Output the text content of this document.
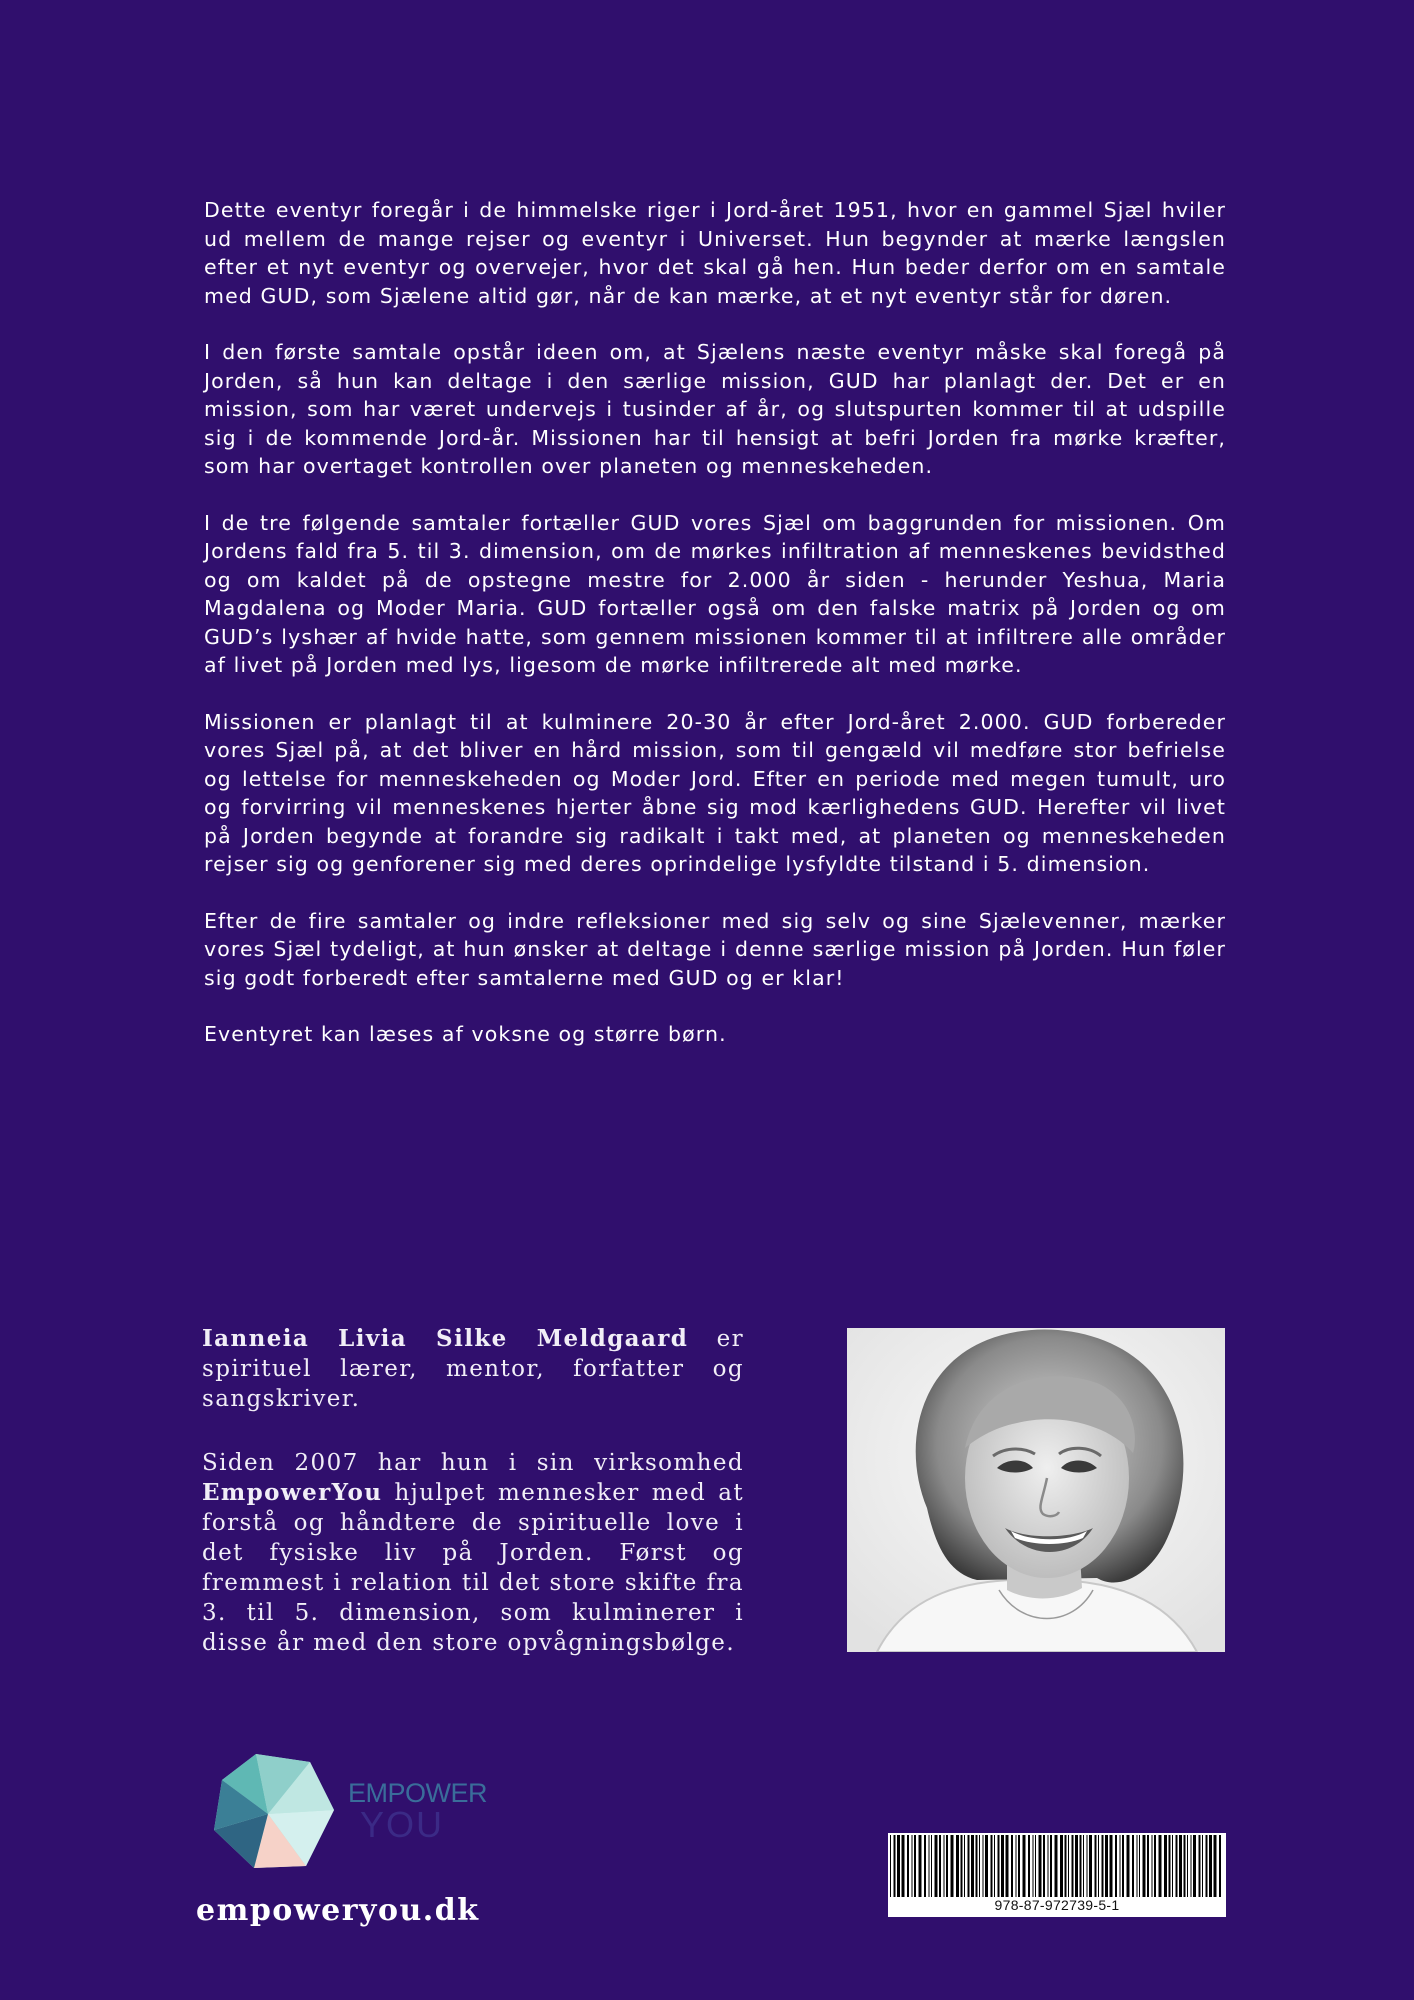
Dette eventyr foregår i de himmelske riger i Jord-året 1951, hvor en gammel Sjæl hviler ud mellem de mange rejser og eventyr i Universet. Hun begynder at mærke længslen efter et nyt eventyr og overvejer, hvor det skal gå hen. Hun beder derfor om en samtale med GUD, som Sjælene altid gør, når de kan mærke, at et nyt eventyr står for døren.

I den første samtale opstår ideen om, at Sjælens næste eventyr måske skal foregå på Jorden, så hun kan deltage i den særlige mission, GUD har planlagt der. Det er en mission, som har været undervejs i tusinder af år, og slutspurten kommer til at udspille sig i de kommende Jord-år. Missionen har til hensigt at befri Jorden fra mørke kræfter, som har overtaget kontrollen over planeten og menneskeheden.

I de tre følgende samtaler fortæller GUD vores Sjæl om baggrunden for missionen. Om Jordens fald fra 5. til 3. dimension, om de mørkes infiltration af menneskenes bevidsthed og om kaldet på de opstegne mestre for 2.000 år siden - herunder Yeshua, Maria Magdalena og Moder Maria. GUD fortæller også om den falske matrix på Jorden og om GUD’s lyshær af hvide hatte, som gennem missionen kommer til at infiltrere alle områder af livet på Jorden med lys, ligesom de mørke infiltrerede alt med mørke.

Missionen er planlagt til at kulminere 20-30 år efter Jord-året 2.000. GUD forbereder vores Sjæl på, at det bliver en hård mission, som til gengæld vil medføre stor befrielse og lettelse for menneskeheden og Moder Jord. Efter en periode med megen tumult, uro og forvirring vil menneskenes hjerter åbne sig mod kærlighedens GUD. Herefter vil livet på Jorden begynde at forandre sig radikalt i takt med, at planeten og menneskeheden rejser sig og genforener sig med deres oprindelige lysfyldte tilstand i 5. dimension.

Efter de fire samtaler og indre refleksioner med sig selv og sine Sjælevenner, mærker vores Sjæl tydeligt, at hun ønsker at deltage i denne særlige mission på Jorden. Hun føler sig godt forberedt efter samtalerne med GUD og er klar!

Eventyret kan læses af voksne og større børn.

Ianneia Livia Silke Meldgaard er spirituel lærer, mentor, forfatter og sangskriver.

Siden 2007 har hun i sin virksomhed EmpowerYou hjulpet mennesker med at forstå og håndtere de spirituelle love i det fysiske liv på Jorden. Først og fremmest i relation til det store skifte fra 3. til 5. dimension, som kulminerer i disse år med den store opvågningsbølge.

EMPOWER
YOU
empoweryou.dk	978-87-972739-5-1
